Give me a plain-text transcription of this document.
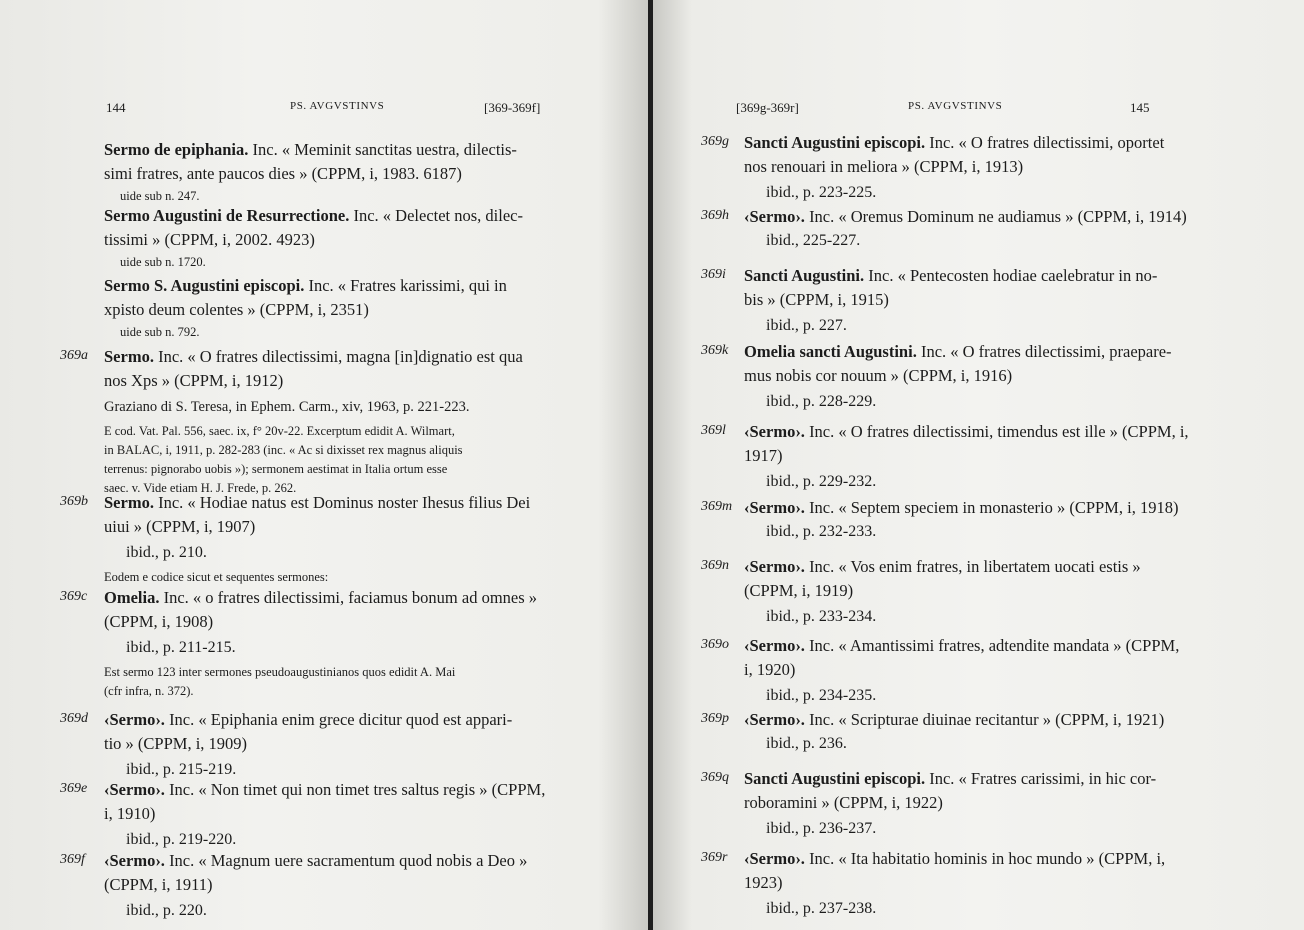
144	PS. AVGVSTINVS	[369-369f]
Sermo de epiphania. Inc. « Meminit sanctitas uestra, dilectis-
simi fratres, ante paucos dies » (CPPM, i, 1983. 6187)
uide sub n. 247.
Sermo Augustini de Resurrectione. Inc. « Delectet nos, dilec-
tissimi » (CPPM, i, 2002. 4923)
uide sub n. 1720.
Sermo S. Augustini episcopi. Inc. « Fratres karissimi, qui in
xpisto deum colentes » (CPPM, i, 2351)
uide sub n. 792.
369a Sermo. Inc. « O fratres dilectissimi, magna [in]dignatio est qua
nos Xps » (CPPM, i, 1912)
Graziano di S. Teresa, in Ephem. Carm., xiv, 1963, p. 221-223.
E cod. Vat. Pal. 556, saec. ix, f° 20v-22. Excerptum edidit A. Wilmart,
in BALAC, i, 1911, p. 282-283 (inc. « Ac si dixisset rex magnus aliquis
terrenus: pignorabo uobis »); sermonem aestimat in Italia ortum esse
saec. v. Vide etiam H. J. Frede, p. 262.
369b Sermo. Inc. « Hodiae natus est Dominus noster Ihesus filius Dei
uiui » (CPPM, i, 1907)
ibid., p. 210.
Eodem e codice sicut et sequentes sermones:
369c Omelia. Inc. « o fratres dilectissimi, faciamus bonum ad omnes »
(CPPM, i, 1908)
ibid., p. 211-215.
Est sermo 123 inter sermones pseudoaugustinianos quos edidit A. Mai
(cfr infra, n. 372).
369d ‹Sermo›. Inc. « Epiphania enim grece dicitur quod est appari-
tio » (CPPM, i, 1909)
ibid., p. 215-219.
369e ‹Sermo›. Inc. « Non timet qui non timet tres saltus regis » (CPPM,
i, 1910)
ibid., p. 219-220.
369f ‹Sermo›. Inc. « Magnum uere sacramentum quod nobis a Deo »
(CPPM, i, 1911)
ibid., p. 220.
[369g-369r]	PS. AVGVSTINVS	145
369g Sancti Augustini episcopi. Inc. « O fratres dilectissimi, oportet
nos renouari in meliora » (CPPM, i, 1913)
ibid., p. 223-225.
369h ‹Sermo›. Inc. « Oremus Dominum ne audiamus » (CPPM, i, 1914)
ibid., 225-227.
369i Sancti Augustini. Inc. « Pentecosten hodiae caelebratur in no-
bis » (CPPM, i, 1915)
ibid., p. 227.
369k Omelia sancti Augustini. Inc. « O fratres dilectissimi, praepare-
mus nobis cor nouum » (CPPM, i, 1916)
ibid., p. 228-229.
369l ‹Sermo›. Inc. « O fratres dilectissimi, timendus est ille » (CPPM, i,
1917)
ibid., p. 229-232.
369m ‹Sermo›. Inc. « Septem speciem in monasterio » (CPPM, i, 1918)
ibid., p. 232-233.
369n ‹Sermo›. Inc. « Vos enim fratres, in libertatem uocati estis »
(CPPM, i, 1919)
ibid., p. 233-234.
369o ‹Sermo›. Inc. « Amantissimi fratres, adtendite mandata » (CPPM,
i, 1920)
ibid., p. 234-235.
369p ‹Sermo›. Inc. « Scripturae diuinae recitantur » (CPPM, i, 1921)
ibid., p. 236.
369q Sancti Augustini episcopi. Inc. « Fratres carissimi, in hic cor-
roboramini » (CPPM, i, 1922)
ibid., p. 236-237.
369r ‹Sermo›. Inc. « Ita habitatio hominis in hoc mundo » (CPPM, i,
1923)
ibid., p. 237-238.
